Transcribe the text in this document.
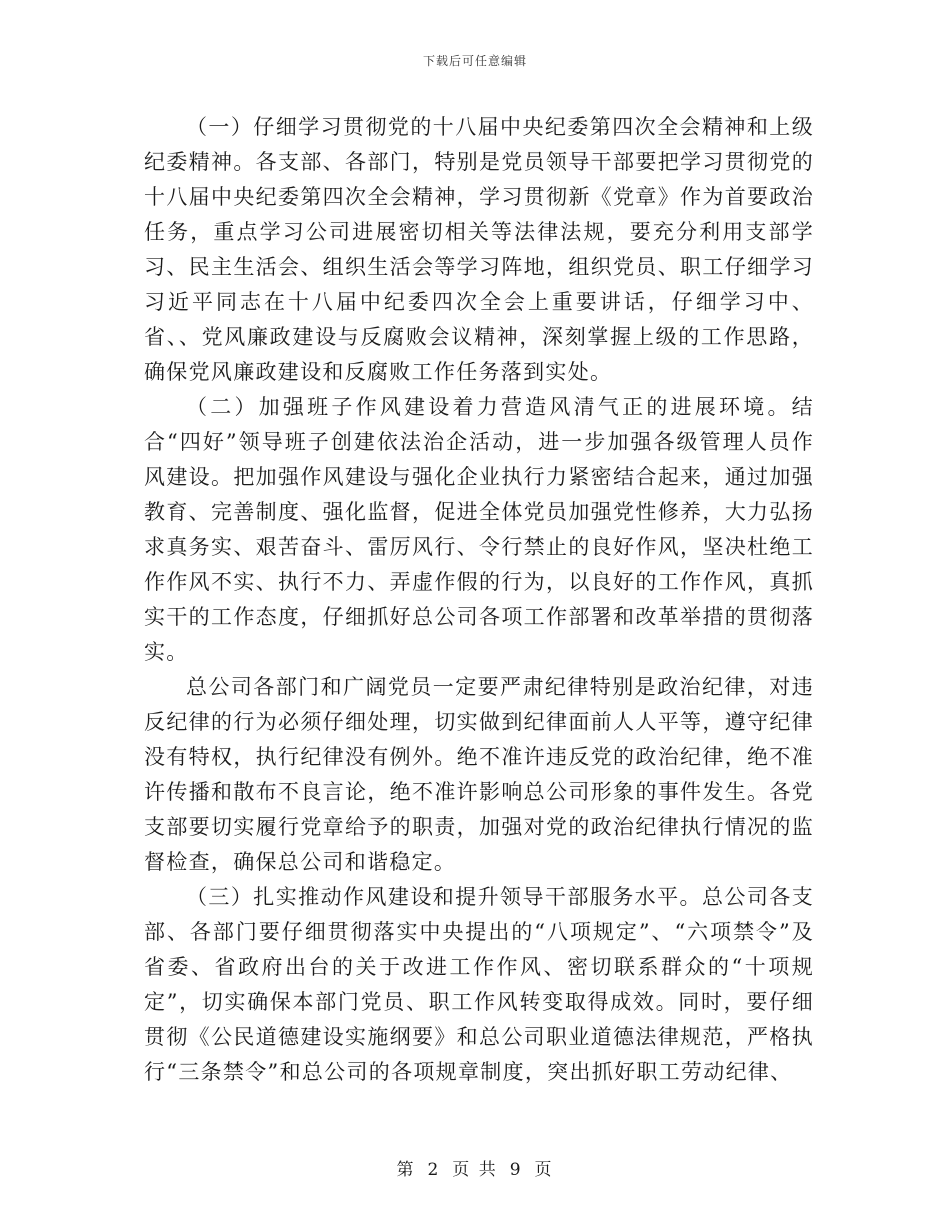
下载后可任意编辑

（一）仔细学习贯彻党的十八届中央纪委第四次全会精神和上级纪委精神。各支部、各部门，特别是党员领导干部要把学习贯彻党的十八届中央纪委第四次全会精神，学习贯彻新《党章》作为首要政治任务，重点学习公司进展密切相关等法律法规，要充分利用支部学习、民主生活会、组织生活会等学习阵地，组织党员、职工仔细学习习近平同志在十八届中纪委四次全会上重要讲话，仔细学习中、省、、党风廉政建设与反腐败会议精神，深刻掌握上级的工作思路，确保党风廉政建设和反腐败工作任务落到实处。

（二）加强班子作风建设着力营造风清气正的进展环境。结合“四好”领导班子创建依法治企活动，进一步加强各级管理人员作风建设。把加强作风建设与强化企业执行力紧密结合起来，通过加强教育、完善制度、强化监督，促进全体党员加强党性修养，大力弘扬求真务实、艰苦奋斗、雷厉风行、令行禁止的良好作风，坚决杜绝工作作风不实、执行不力、弄虚作假的行为，以良好的工作作风，真抓实干的工作态度，仔细抓好总公司各项工作部署和改革举措的贯彻落实。

总公司各部门和广阔党员一定要严肃纪律特别是政治纪律，对违反纪律的行为必须仔细处理，切实做到纪律面前人人平等，遵守纪律没有特权，执行纪律没有例外。绝不准许违反党的政治纪律，绝不准许传播和散布不良言论，绝不准许影响总公司形象的事件发生。各党支部要切实履行党章给予的职责，加强对党的政治纪律执行情况的监督检查，确保总公司和谐稳定。

（三）扎实推动作风建设和提升领导干部服务水平。总公司各支部、各部门要仔细贯彻落实中央提出的“八项规定”、“六项禁令”及省委、省政府出台的关于改进工作作风、密切联系群众的“十项规定”，切实确保本部门党员、职工作风转变取得成效。同时，要仔细贯彻《公民道德建设实施纲要》和总公司职业道德法律规范，严格执行“三条禁令”和总公司的各项规章制度，突出抓好职工劳动纪律、

第 2 页 共 9 页
